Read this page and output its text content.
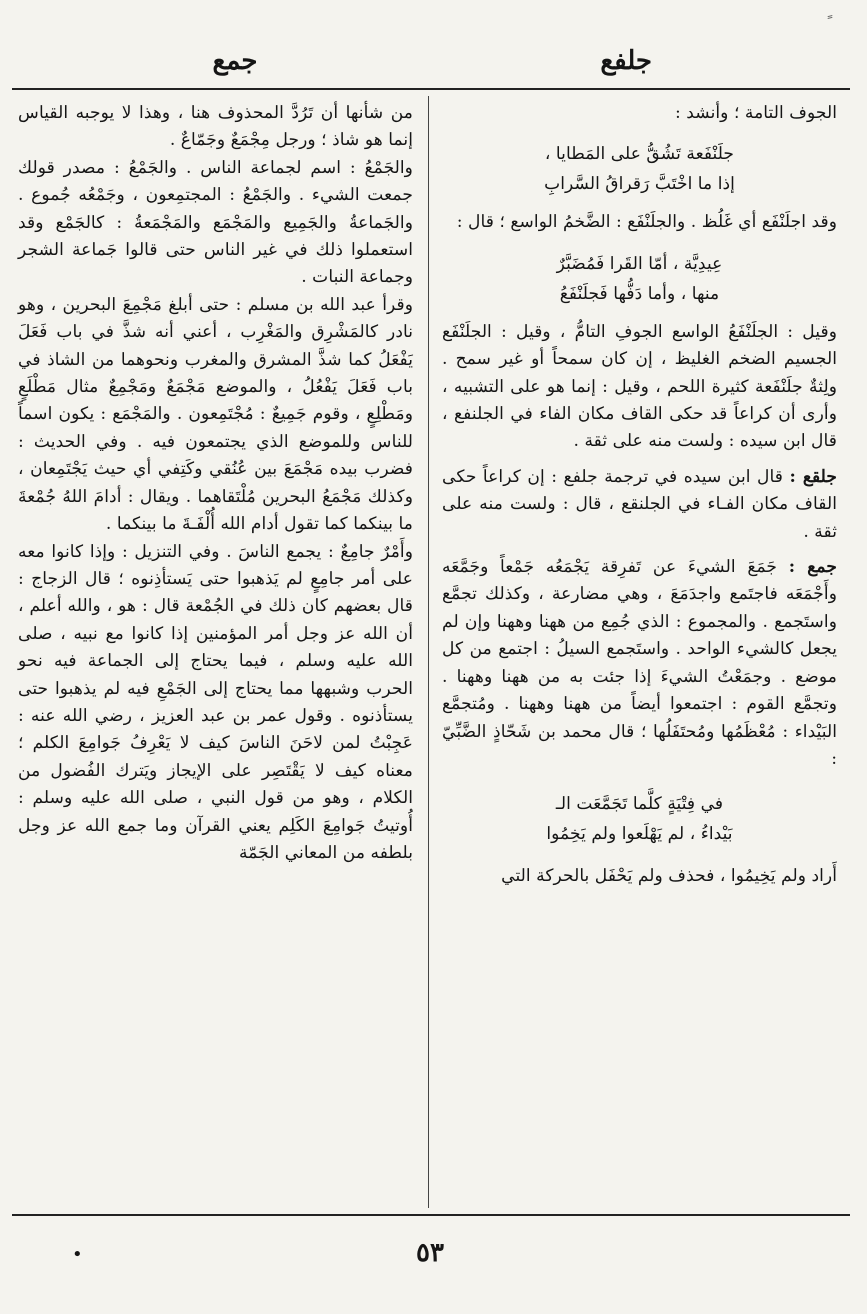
جلفع
جمع

الجوف التامة ؛ وأنشد :

جلَنْفَعة تَشُقُّ على المَطايا ،
إذا ما اخْتَبَّ رَقراقُ السَّرابِ

وقد اجلَنْفَع أي غَلُظ . والجلَنْفَع : الضَّخمُ الواسع ؛ قال :

عِيدِيَّة ، أمّا القَرا فَمُضَبَّرٌ
منها ، وأما دَفُّها فَجلَنْفَعُ

وقيل : الجلَنْفَعُ الواسع الجوفِ التامُّ ، وقيل : الجلَنْفَع الجسيم الضخم الغليظ ، إن كان سمحاً أو غير سمح . ولِثةٌ جلَنْفَعة كثيرة اللحم ، وقيل : إنما هو على التشبيه ، وأرى أن كراعاً قد حكى القاف مكان الفاء في الجلنفع ، قال ابن سيده : ولست منه على ثقة .

جلقع : قال ابن سيده في ترجمة جلفع : إن كراعاً حكى القاف مكان الفـاء في الجلنقع ، قال : ولست منه على ثقة .

جمع : جَمَعَ الشيءَ عن تَفرِقة يَجْمَعُه جَمْعاً وجَمَّعَه وأَجْمَعَه فاجتَمع واجدَمَعَ ، وهي مضارعة ، وكذلك تجمَّع واستَجمع . والمجموع : الذي جُمِع من ههنا وههنا وإن لم يجعل كالشيء الواحد . واستَجمع السيلُ : اجتمع من كل موضع . وجمَعْتُ الشيءَ إذا جئت به من ههنا وههنا . وتجمَّع القوم : اجتمعوا أيضاً من ههنا وههنا . ومُتجمَّع البَيْداء : مُعْظَمُها ومُحتَفَلُها ؛ قال محمد بن شَحّاذٍ الضَّبِّيّ :

في فِتْيَةٍ كلَّما تَجَمَّعَت الـ
بَيْداءُ ، لم يَهْلَعوا ولم يَخِمُوا

أَراد ولم يَخِيمُوا ، فحذف ولم يَحْفَل بالحركة التي

من شأنها أن تَرُدَّ المحذوف هنا ، وهذا لا يوجبه القياس إنما هو شاذ ؛ ورجل مِجْمَعٌ وجَمّاعٌ .

والجَمْعُ : اسم لجماعة الناس . والجَمْعُ : مصدر قولك جمعت الشيء . والجَمْعُ : المجتمِعون ، وجَمْعُه جُموع . والجَماعةُ والجَمِيع والمَجْمَع والمَجْمَعةُ : كالجَمْع وقد استعملوا ذلك في غير الناس حتى قالوا جَماعة الشجر وجماعة النبات .

وقرأ عبد الله بن مسلم : حتى أبلغ مَجْمِعَ البحرين ، وهو نادر كالمَشْرِق والمَغْرِب ، أعني أنه شذَّ في باب فَعَلَ يَفْعَلُ كما شذَّ المشرق والمغرب ونحوهما من الشاذ في باب فَعَلَ يَفْعُلُ ، والموضع مَجْمَعٌ ومَجْمِعٌ مثال مَطْلَعٍ ومَطْلِعٍ ، وقوم جَمِيعٌ : مُجْتَمِعون . والمَجْمَع : يكون اسماً للناس وللموضع الذي يجتمعون فيه . وفي الحديث : فضرب بيده مَجْمَعَ بين عُنُقي وكَتِفي أي حيث يَجْتَمِعان ، وكذلك مَجْمَعُ البحرين مُلْتَقاهما . ويقال : أدامَ اللهُ جُمْعةَ ما بينكما كما تقول أدام الله أُلْفَـةَ ما بينكما .

وأَمْرٌ جامِعٌ : يجمع الناسَ . وفي التنزيل : وإذا كانوا معه على أمر جامِعٍ لم يَذهبوا حتى يَستأذِنوه ؛ قال الزجاج : قال بعضهم كان ذلك في الجُمْعة قال : هو ، والله أعلم ، أن الله عز وجل أمر المؤمنين إذا كانوا مع نبيه ، صلى الله عليه وسلم ، فيما يحتاج إلى الجماعة فيه نحو الحرب وشبهها مما يحتاج إلى الجَمْعِ فيه لم يذهبوا حتى يستأذنوه . وقول عمر بن عبد العزيز ، رضي الله عنه : عَجِبْتُ لمن لاحَنَ الناسَ كيف لا يَعْرِفُ جَوامِعَ الكلم ؛ معناه كيف لا يَقْتَصِر على الإيجاز ويَترك الفُضول من الكلام ، وهو من قول النبي ، صلى الله عليه وسلم : أُوتيتُ جَوامِعَ الكَلِم يعني القرآن وما جمع الله عز وجل بلطفه من المعاني الجَمّة

•	٥٣
